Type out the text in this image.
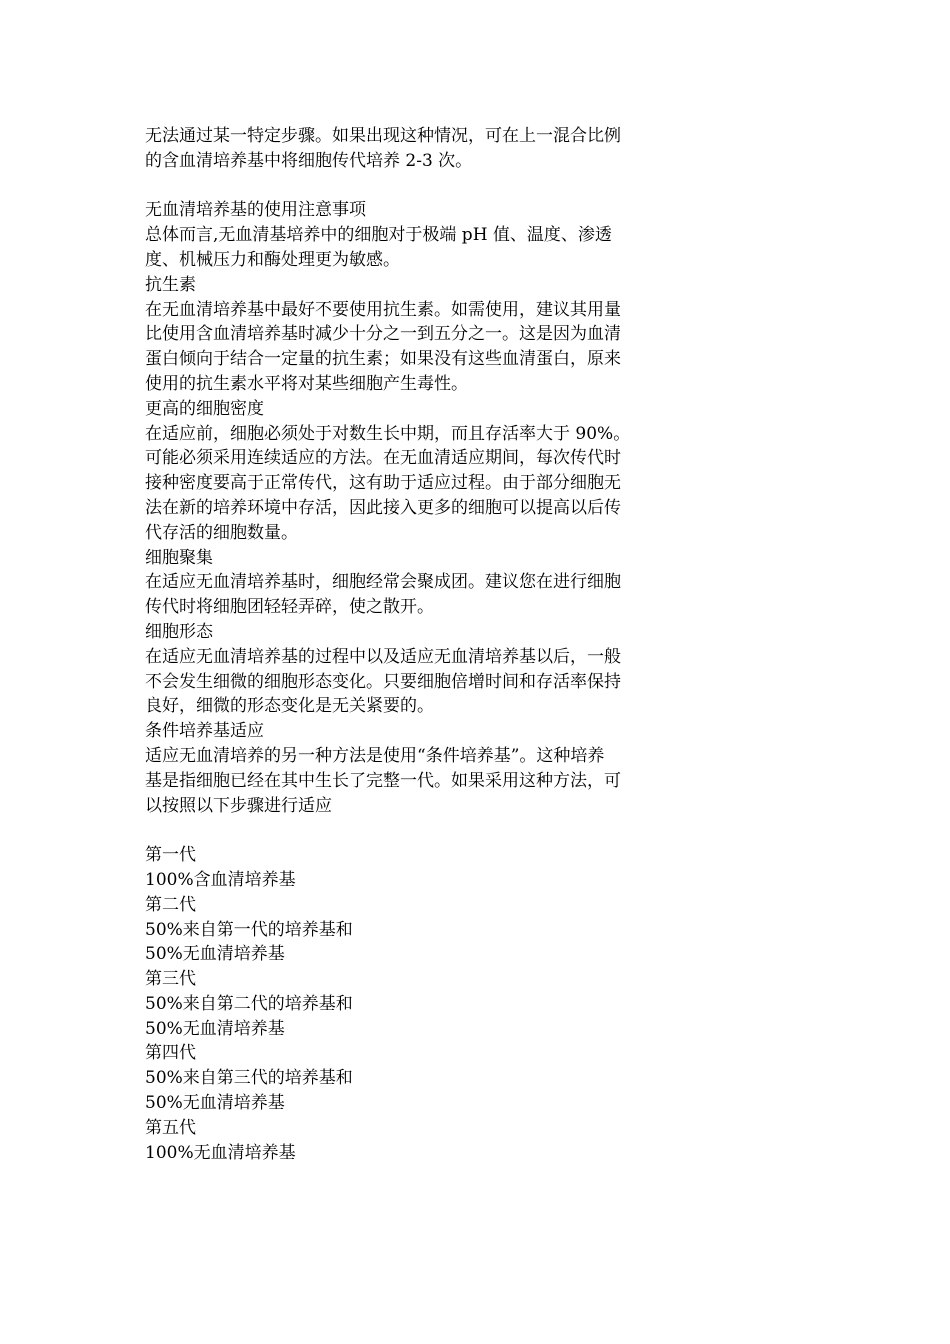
无法通过某一特定步骤。如果出现这种情况，可在上一混合比例
的含血清培养基中将细胞传代培养 2-3 次。
无血清培养基的使用注意事项
总体而言,无血清基培养中的细胞对于极端 pH 值、温度、渗透
度、机械压力和酶处理更为敏感。
抗生素
在无血清培养基中最好不要使用抗生素。如需使用，建议其用量
比使用含血清培养基时减少十分之一到五分之一。这是因为血清
蛋白倾向于结合一定量的抗生素；如果没有这些血清蛋白，原来
使用的抗生素水平将对某些细胞产生毒性。
更高的细胞密度
在适应前，细胞必须处于对数生长中期，而且存活率大于 90%。
可能必须采用连续适应的方法。在无血清适应期间，每次传代时
接种密度要高于正常传代，这有助于适应过程。由于部分细胞无
法在新的培养环境中存活，因此接入更多的细胞可以提高以后传
代存活的细胞数量。
细胞聚集
在适应无血清培养基时，细胞经常会聚成团。建议您在进行细胞
传代时将细胞团轻轻弄碎，使之散开。
细胞形态
在适应无血清培养基的过程中以及适应无血清培养基以后，一般
不会发生细微的细胞形态变化。只要细胞倍增时间和存活率保持
良好，细微的形态变化是无关紧要的。
条件培养基适应
适应无血清培养的另一种方法是使用“条件培养基”。这种培养
基是指细胞已经在其中生长了完整一代。如果采用这种方法，可
以按照以下步骤进行适应
第一代
100%含血清培养基
第二代
50%来自第一代的培养基和
50%无血清培养基
第三代
50%来自第二代的培养基和
50%无血清培养基
第四代
50%来自第三代的培养基和
50%无血清培养基
第五代
100%无血清培养基
